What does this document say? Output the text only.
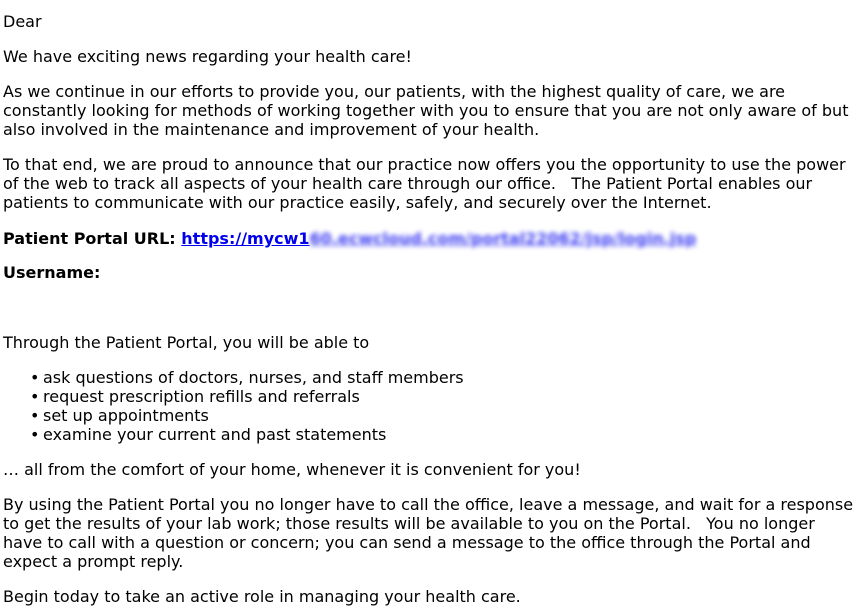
Dear

We have exciting news regarding your health care!

As we continue in our efforts to provide you, our patients, with the highest quality of care, we are

constantly looking for methods of working together with you to ensure that you are not only aware of but

also involved in the maintenance and improvement of your health.

To that end, we are proud to announce that our practice now offers you the opportunity to use the power

of the web to track all aspects of your health care through our office.   The Patient Portal enables our

patients to communicate with our practice easily, safely, and securely over the Internet.

Patient Portal URL: https://mycw160.ecwcloud.com/portal22062/jsp/login.jsp

Username:

Through the Patient Portal, you will be able to

• ask questions of doctors, nurses, and staff members
• request prescription refills and referrals
• set up appointments
• examine your current and past statements

… all from the comfort of your home, whenever it is convenient for you!

By using the Patient Portal you no longer have to call the office, leave a message, and wait for a response

to get the results of your lab work; those results will be available to you on the Portal.   You no longer

have to call with a question or concern; you can send a message to the office through the Portal and

expect a prompt reply.

Begin today to take an active role in managing your health care.
